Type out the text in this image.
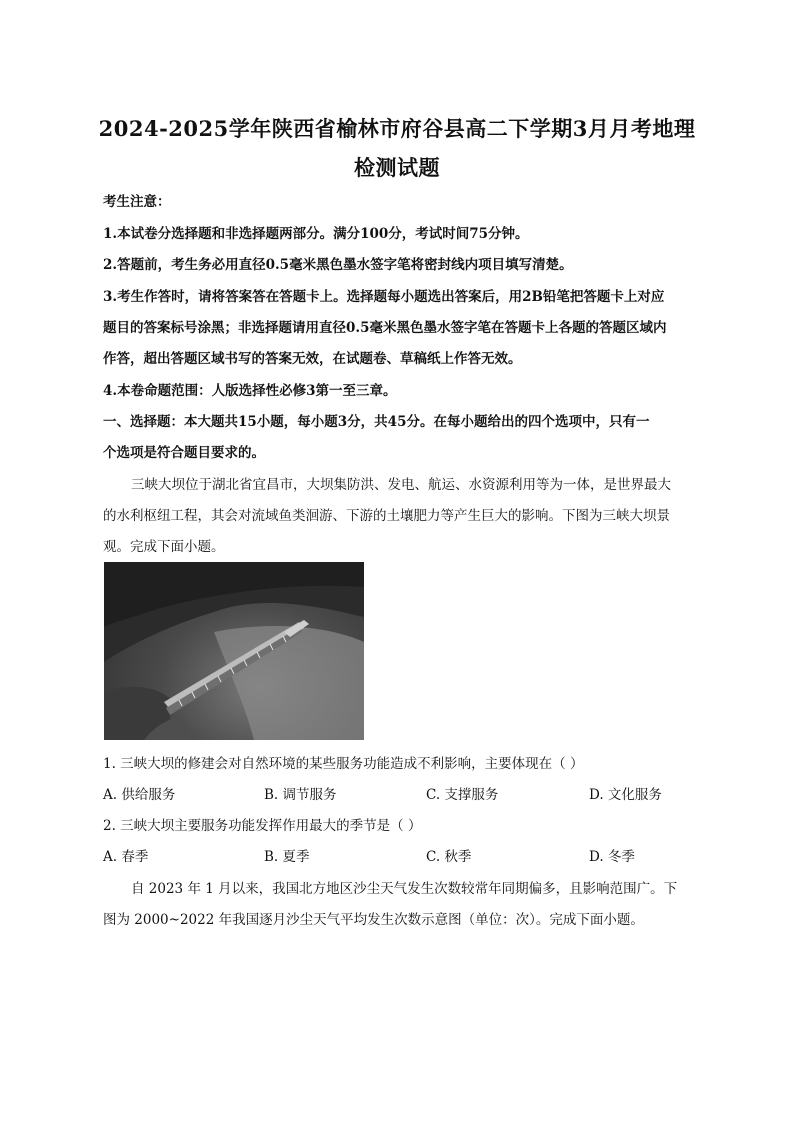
2024-2025学年陕西省榆林市府谷县高二下学期3月月考地理
检测试题
考生注意：
1.本试卷分选择题和非选择题两部分。满分100分，考试时间75分钟。
2.答题前，考生务必用直径0.5毫米黑色墨水签字笔将密封线内项目填写清楚。
3.考生作答时，请将答案答在答题卡上。选择题每小题选出答案后，用2B铅笔把答题卡上对应
题目的答案标号涂黑；非选择题请用直径0.5毫米黑色墨水签字笔在答题卡上各题的答题区域内
作答，超出答题区域书写的答案无效，在试题卷、草稿纸上作答无效。
4.本卷命题范围：人版选择性必修3第一至三章。
一、选择题：本大题共15小题，每小题3分，共45分。在每小题给出的四个选项中，只有一
个选项是符合题目要求的。
三峡大坝位于湖北省宜昌市，大坝集防洪、发电、航运、水资源利用等为一体，是世界最大
的水利枢纽工程，其会对流域鱼类洄游、下游的土壤肥力等产生巨大的影响。下图为三峡大坝景
观。完成下面小题。
1. 三峡大坝的修建会对自然环境的某些服务功能造成不利影响，主要体现在（ ）
A. 供给服务	B. 调节服务	C. 支撑服务	D. 文化服务
2. 三峡大坝主要服务功能发挥作用最大的季节是（ ）
A. 春季	B. 夏季	C. 秋季	D. 冬季
自 2023 年 1 月以来，我国北方地区沙尘天气发生次数较常年同期偏多，且影响范围广。下
图为 2000~2022 年我国逐月沙尘天气平均发生次数示意图（单位：次）。完成下面小题。
